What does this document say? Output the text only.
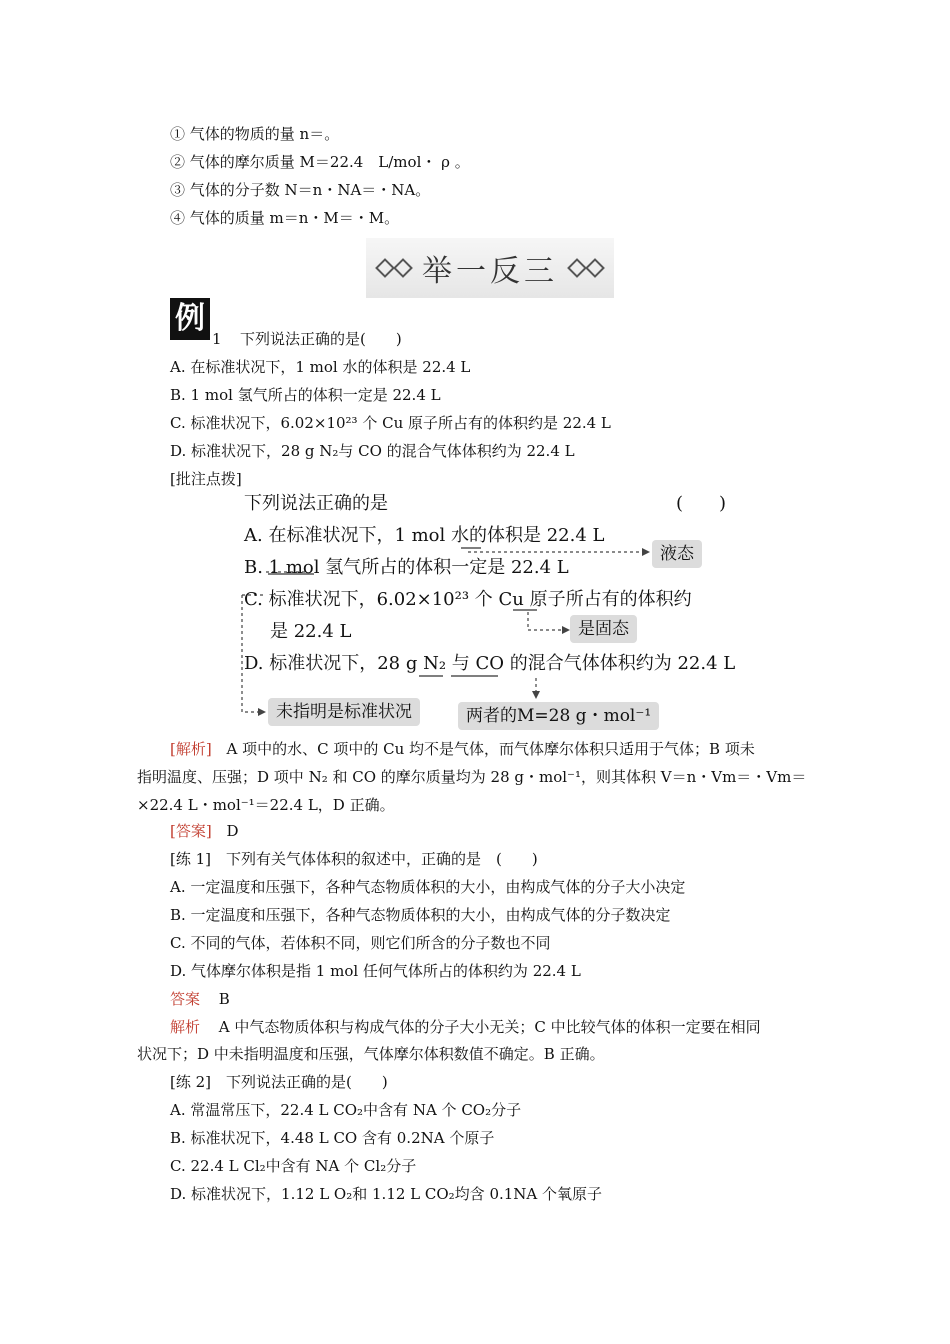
① 气体的物质的量 n＝。
② 气体的摩尔质量 M＝22.4　L/mol・ ρ 。
③ 气体的分子数 N＝n・NA＝・NA。
④ 气体的质量 m＝n・M＝・M。
举一反三
例
1 下列说法正确的是(　　)
A. 在标准状况下，1 mol 水的体积是 22.4 L
B. 1 mol 氢气所占的体积一定是 22.4 L
C. 标准状况下，6.02×10²³ 个 Cu 原子所占有的体积约是 22.4 L
D. 标准状况下，28 g N₂与 CO 的混合气体体积约为 22.4 L
[批注点拨]
下列说法正确的是	(　　)
A. 在标准状况下，1 mol 水的体积是 22.4 L
B. 1 mol 氢气所占的体积一定是 22.4 L
C. 标准状况下，6.02×10²³ 个 Cu 原子所占有的体积约
是 22.4 L
D. 标准状况下，28 g N₂ 与 CO 的混合气体体积约为 22.4 L
液态
是固态
未指明是标准状况	两者的M=28 g・mol⁻¹
[解析] A 项中的水、C 项中的 Cu 均不是气体，而气体摩尔体积只适用于气体；B 项未
指明温度、压强；D 项中 N₂ 和 CO 的摩尔质量均为 28 g・mol⁻¹，则其体积 V＝n・Vm＝・Vm＝
×22.4 L・mol⁻¹＝22.4 L，D 正确。
[答案] D
[练 1]　下列有关气体体积的叙述中，正确的是　(　　)
A. 一定温度和压强下，各种气态物质体积的大小，由构成气体的分子大小决定
B. 一定温度和压强下，各种气态物质体积的大小，由构成气体的分子数决定
C. 不同的气体，若体积不同，则它们所含的分子数也不同
D. 气体摩尔体积是指 1 mol 任何气体所占的体积约为 22.4 L
答案 B
解析 A 中气态物质体积与构成气体的分子大小无关；C 中比较气体的体积一定要在相同
状况下；D 中未指明温度和压强，气体摩尔体积数值不确定。B 正确。
[练 2]　下列说法正确的是(　　)
A. 常温常压下，22.4 L CO₂中含有 NA 个 CO₂分子
B. 标准状况下，4.48 L CO 含有 0.2NA 个原子
C. 22.4 L Cl₂中含有 NA 个 Cl₂分子
D. 标准状况下，1.12 L O₂和 1.12 L CO₂均含 0.1NA 个氧原子
